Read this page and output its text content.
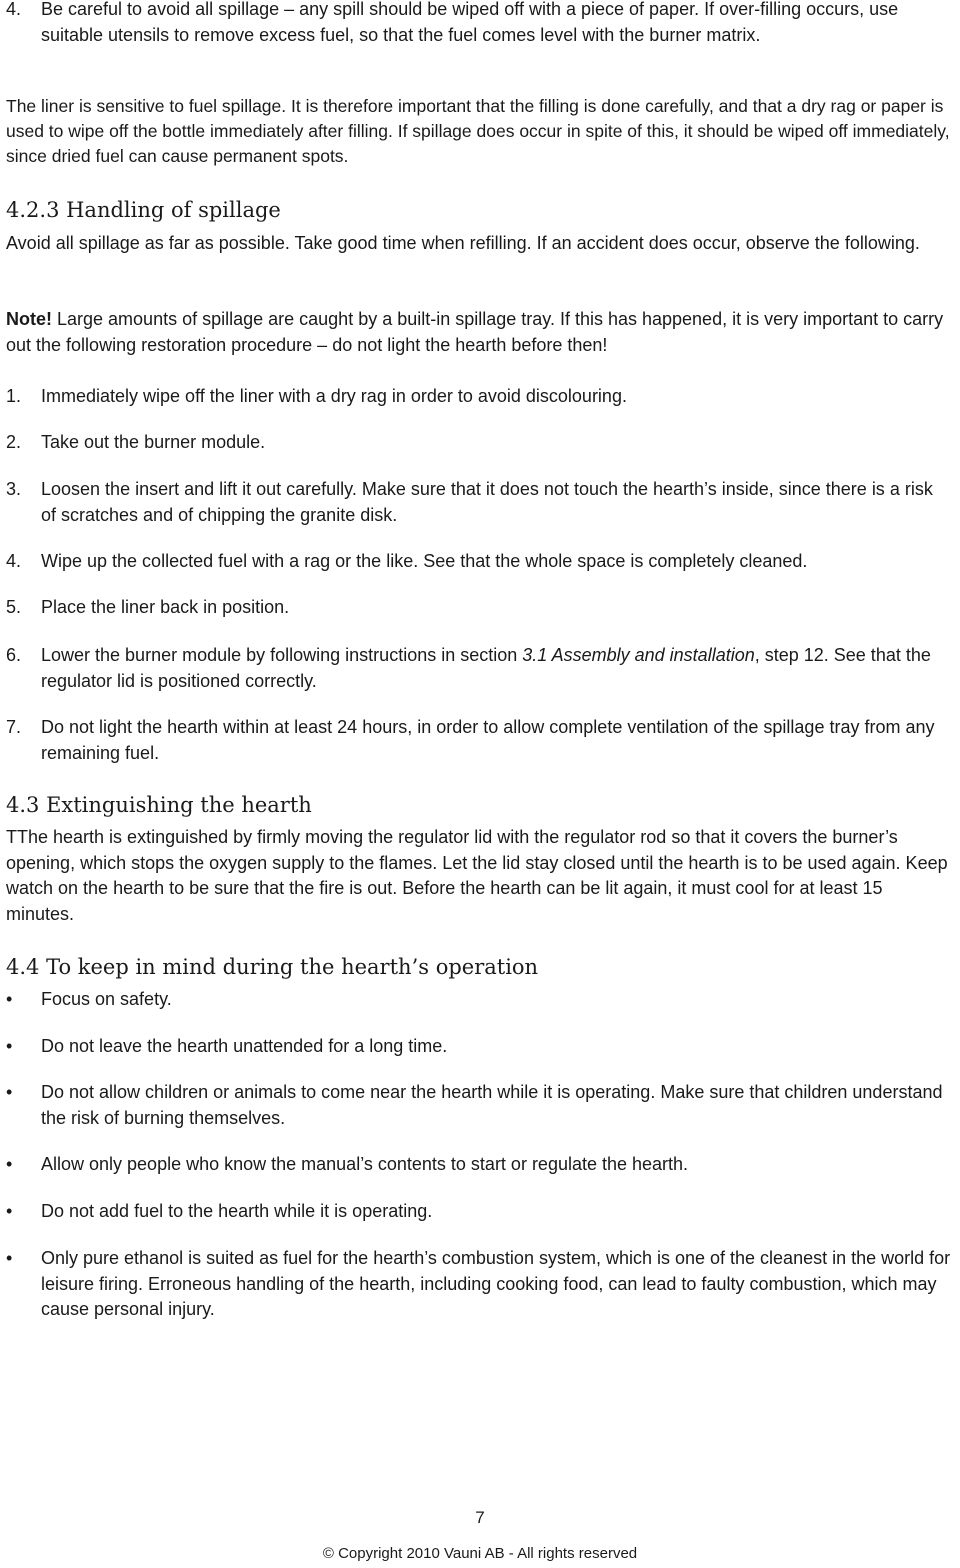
4. Be careful to avoid all spillage – any spill should be wiped off with a piece of paper. If over-filling occurs, use suitable utensils to remove excess fuel, so that the fuel comes level with the burner matrix.
The liner is sensitive to fuel spillage. It is therefore important that the filling is done carefully, and that a dry rag or paper is used to wipe off the bottle immediately after filling. If spillage does occur in spite of this, it should be wiped off immediately, since dried fuel can cause permanent spots.
4.2.3 Handling of spillage
Avoid all spillage as far as possible. Take good time when refilling. If an accident does occur, observe the following.
Note! Large amounts of spillage are caught by a built-in spillage tray. If this has happened, it is very important to carry out the following restoration procedure – do not light the hearth before then!
1. Immediately wipe off the liner with a dry rag in order to avoid discolouring.
2. Take out the burner module.
3. Loosen the insert and lift it out carefully. Make sure that it does not touch the hearth’s inside, since there is a risk of scratches and of chipping the granite disk.
4. Wipe up the collected fuel with a rag or the like. See that the whole space is completely cleaned.
5. Place the liner back in position.
6. Lower the burner module by following instructions in section 3.1 Assembly and installation, step 12. See that the regulator lid is positioned correctly.
7. Do not light the hearth within at least 24 hours, in order to allow complete ventilation of the spillage tray from any remaining fuel.
4.3 Extinguishing the hearth
TThe hearth is extinguished by firmly moving the regulator lid with the regulator rod so that it covers the burner’s opening, which stops the oxygen supply to the flames. Let the lid stay closed until the hearth is to be used again. Keep watch on the hearth to be sure that the fire is out. Before the hearth can be lit again, it must cool for at least 15 minutes.
4.4 To keep in mind during the hearth’s operation
• Focus on safety.
• Do not leave the hearth unattended for a long time.
• Do not allow children or animals to come near the hearth while it is operating. Make sure that children understand the risk of burning themselves.
• Allow only people who know the manual’s contents to start or regulate the hearth.
• Do not add fuel to the hearth while it is operating.
• Only pure ethanol is suited as fuel for the hearth’s combustion system, which is one of the cleanest in the world for leisure firing. Erroneous handling of the hearth, including cooking food, can lead to faulty combustion, which may cause personal injury.
7
© Copyright 2010 Vauni AB - All rights reserved
